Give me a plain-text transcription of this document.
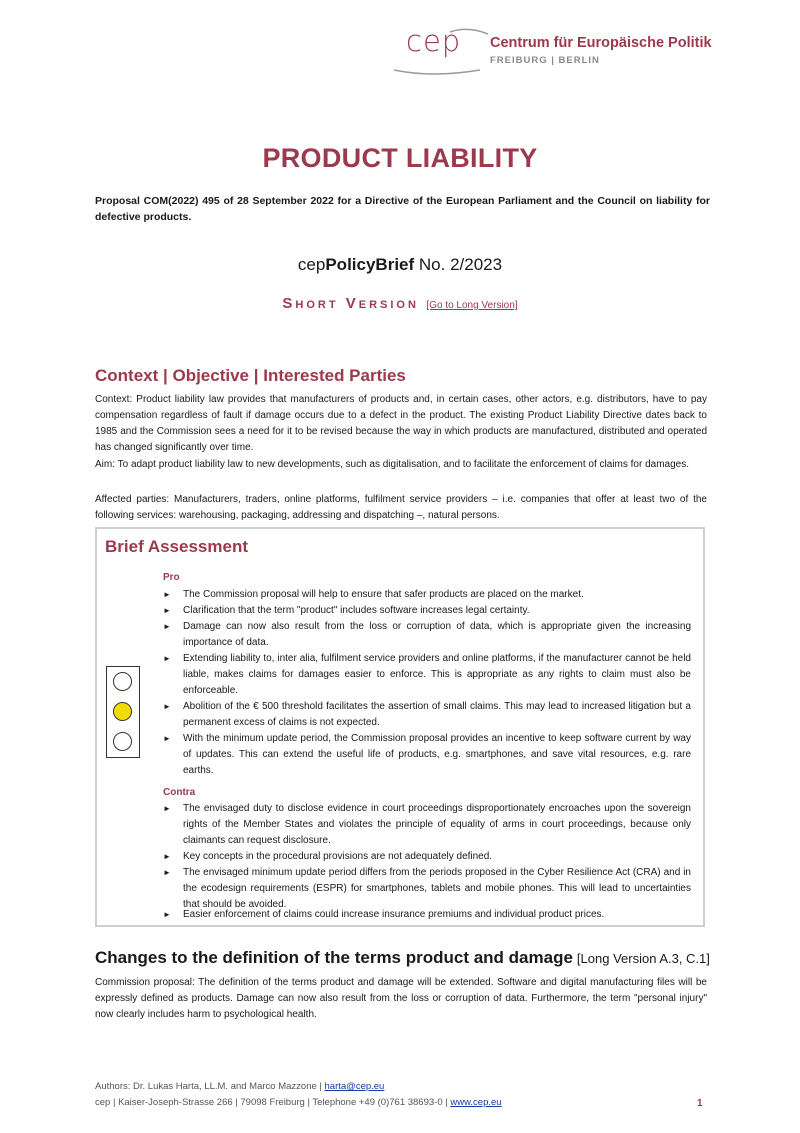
cep Centrum für Europäische Politik
FREIBURG | BERLIN
PRODUCT LIABILITY
Proposal COM(2022) 495 of 28 September 2022 for a Directive of the European Parliament and the Council on liability for defective products.
cepPolicyBrief No. 2/2023
Short Version [Go to Long Version]
Context | Objective | Interested Parties
Context: Product liability law provides that manufacturers of products and, in certain cases, other actors, e.g. distributors, have to pay compensation regardless of fault if damage occurs due to a defect in the product. The existing Product Liability Directive dates back to 1985 and the Commission sees a need for it to be revised because the way in which products are manufactured, distributed and operated has changed significantly over time.
Aim: To adapt product liability law to new developments, such as digitalisation, and to facilitate the enforcement of claims for damages.
Affected parties: Manufacturers, traders, online platforms, fulfilment service providers – i.e. companies that offer at least two of the following services: warehousing, packaging, addressing and dispatching –, natural persons.
Brief Assessment
Pro
► The Commission proposal will help to ensure that safer products are placed on the market.
► Clarification that the term "product" includes software increases legal certainty.
► Damage can now also result from the loss or corruption of data, which is appropriate given the increasing importance of data.
► Extending liability to, inter alia, fulfilment service providers and online platforms, if the manufacturer cannot be held liable, makes claims for damages easier to enforce. This is appropriate as any rights to claim must also be enforceable.
► Abolition of the € 500 threshold facilitates the assertion of small claims. This may lead to increased litigation but a permanent excess of claims is not expected.
► With the minimum update period, the Commission proposal provides an incentive to keep software current by way of updates. This can extend the useful life of products, e.g. smartphones, and save vital resources, e.g. rare earths.
Contra
► The envisaged duty to disclose evidence in court proceedings disproportionately encroaches upon the sovereign rights of the Member States and violates the principle of equality of arms in court proceedings, because only claimants can request disclosure.
► Key concepts in the procedural provisions are not adequately defined.
► The envisaged minimum update period differs from the periods proposed in the Cyber Resilience Act (CRA) and in the ecodesign requirements (ESPR) for smartphones, tablets and mobile phones. This will lead to uncertainties that should be avoided.
► Easier enforcement of claims could increase insurance premiums and individual product prices.
Changes to the definition of the terms product and damage [Long Version A.3, C.1]
Commission proposal: The definition of the terms product and damage will be extended. Software and digital manufacturing files will be expressly defined as products. Damage can now also result from the loss or corruption of data. Furthermore, the term "personal injury" now clearly includes harm to psychological health.
Authors: Dr. Lukas Harta, LL.M. and Marco Mazzone | harta@cep.eu
cep | Kaiser-Joseph-Strasse 266 | 79098 Freiburg | Telephone +49 (0)761 38693-0 | www.cep.eu	1
